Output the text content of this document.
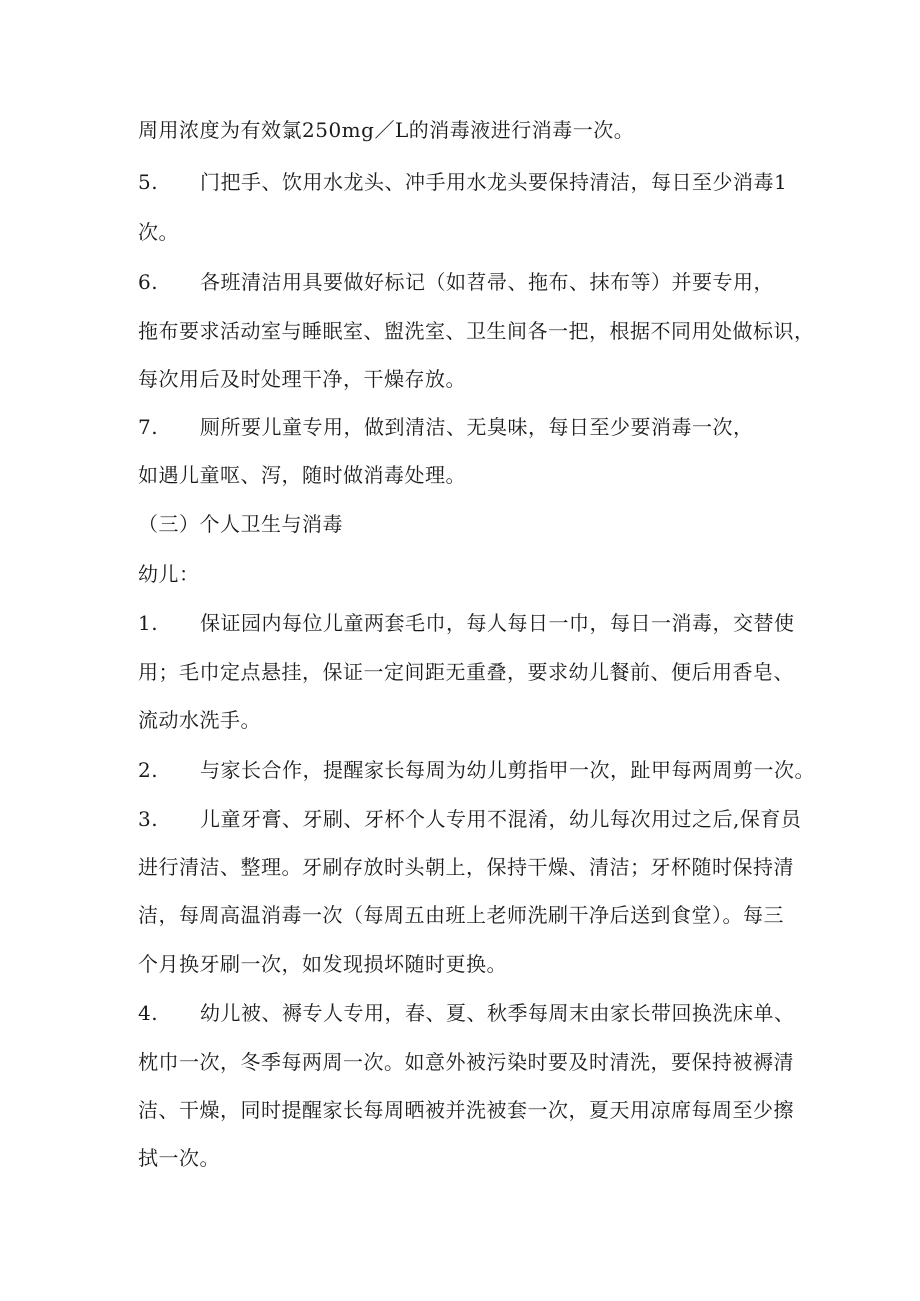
周用浓度为有效氯250mg／L的消毒液进行消毒一次。
5. 门把手、饮用水龙头、冲手用水龙头要保持清洁，每日至少消毒1
次。
6. 各班清洁用具要做好标记（如苕帚、拖布、抹布等）并要专用，
拖布要求活动室与睡眠室、盥洗室、卫生间各一把，根据不同用处做标识，
每次用后及时处理干净，干燥存放。
7. 厕所要儿童专用，做到清洁、无臭味，每日至少要消毒一次，
如遇儿童呕、泻，随时做消毒处理。
（三）个人卫生与消毒
幼儿：
1. 保证园内每位儿童两套毛巾，每人每日一巾，每日一消毒，交替使
用；毛巾定点悬挂，保证一定间距无重叠，要求幼儿餐前、便后用香皂、
流动水洗手。
2. 与家长合作，提醒家长每周为幼儿剪指甲一次，趾甲每两周剪一次。
3. 儿童牙膏、牙刷、牙杯个人专用不混淆，幼儿每次用过之后,保育员
进行清洁、整理。牙刷存放时头朝上，保持干燥、清洁；牙杯随时保持清
洁，每周高温消毒一次（每周五由班上老师洗刷干净后送到食堂）。每三
个月换牙刷一次，如发现损坏随时更换。
4. 幼儿被、褥专人专用，春、夏、秋季每周末由家长带回换洗床单、
枕巾一次，冬季每两周一次。如意外被污染时要及时清洗，要保持被褥清
洁、干燥，同时提醒家长每周晒被并洗被套一次，夏天用凉席每周至少擦
拭一次。
